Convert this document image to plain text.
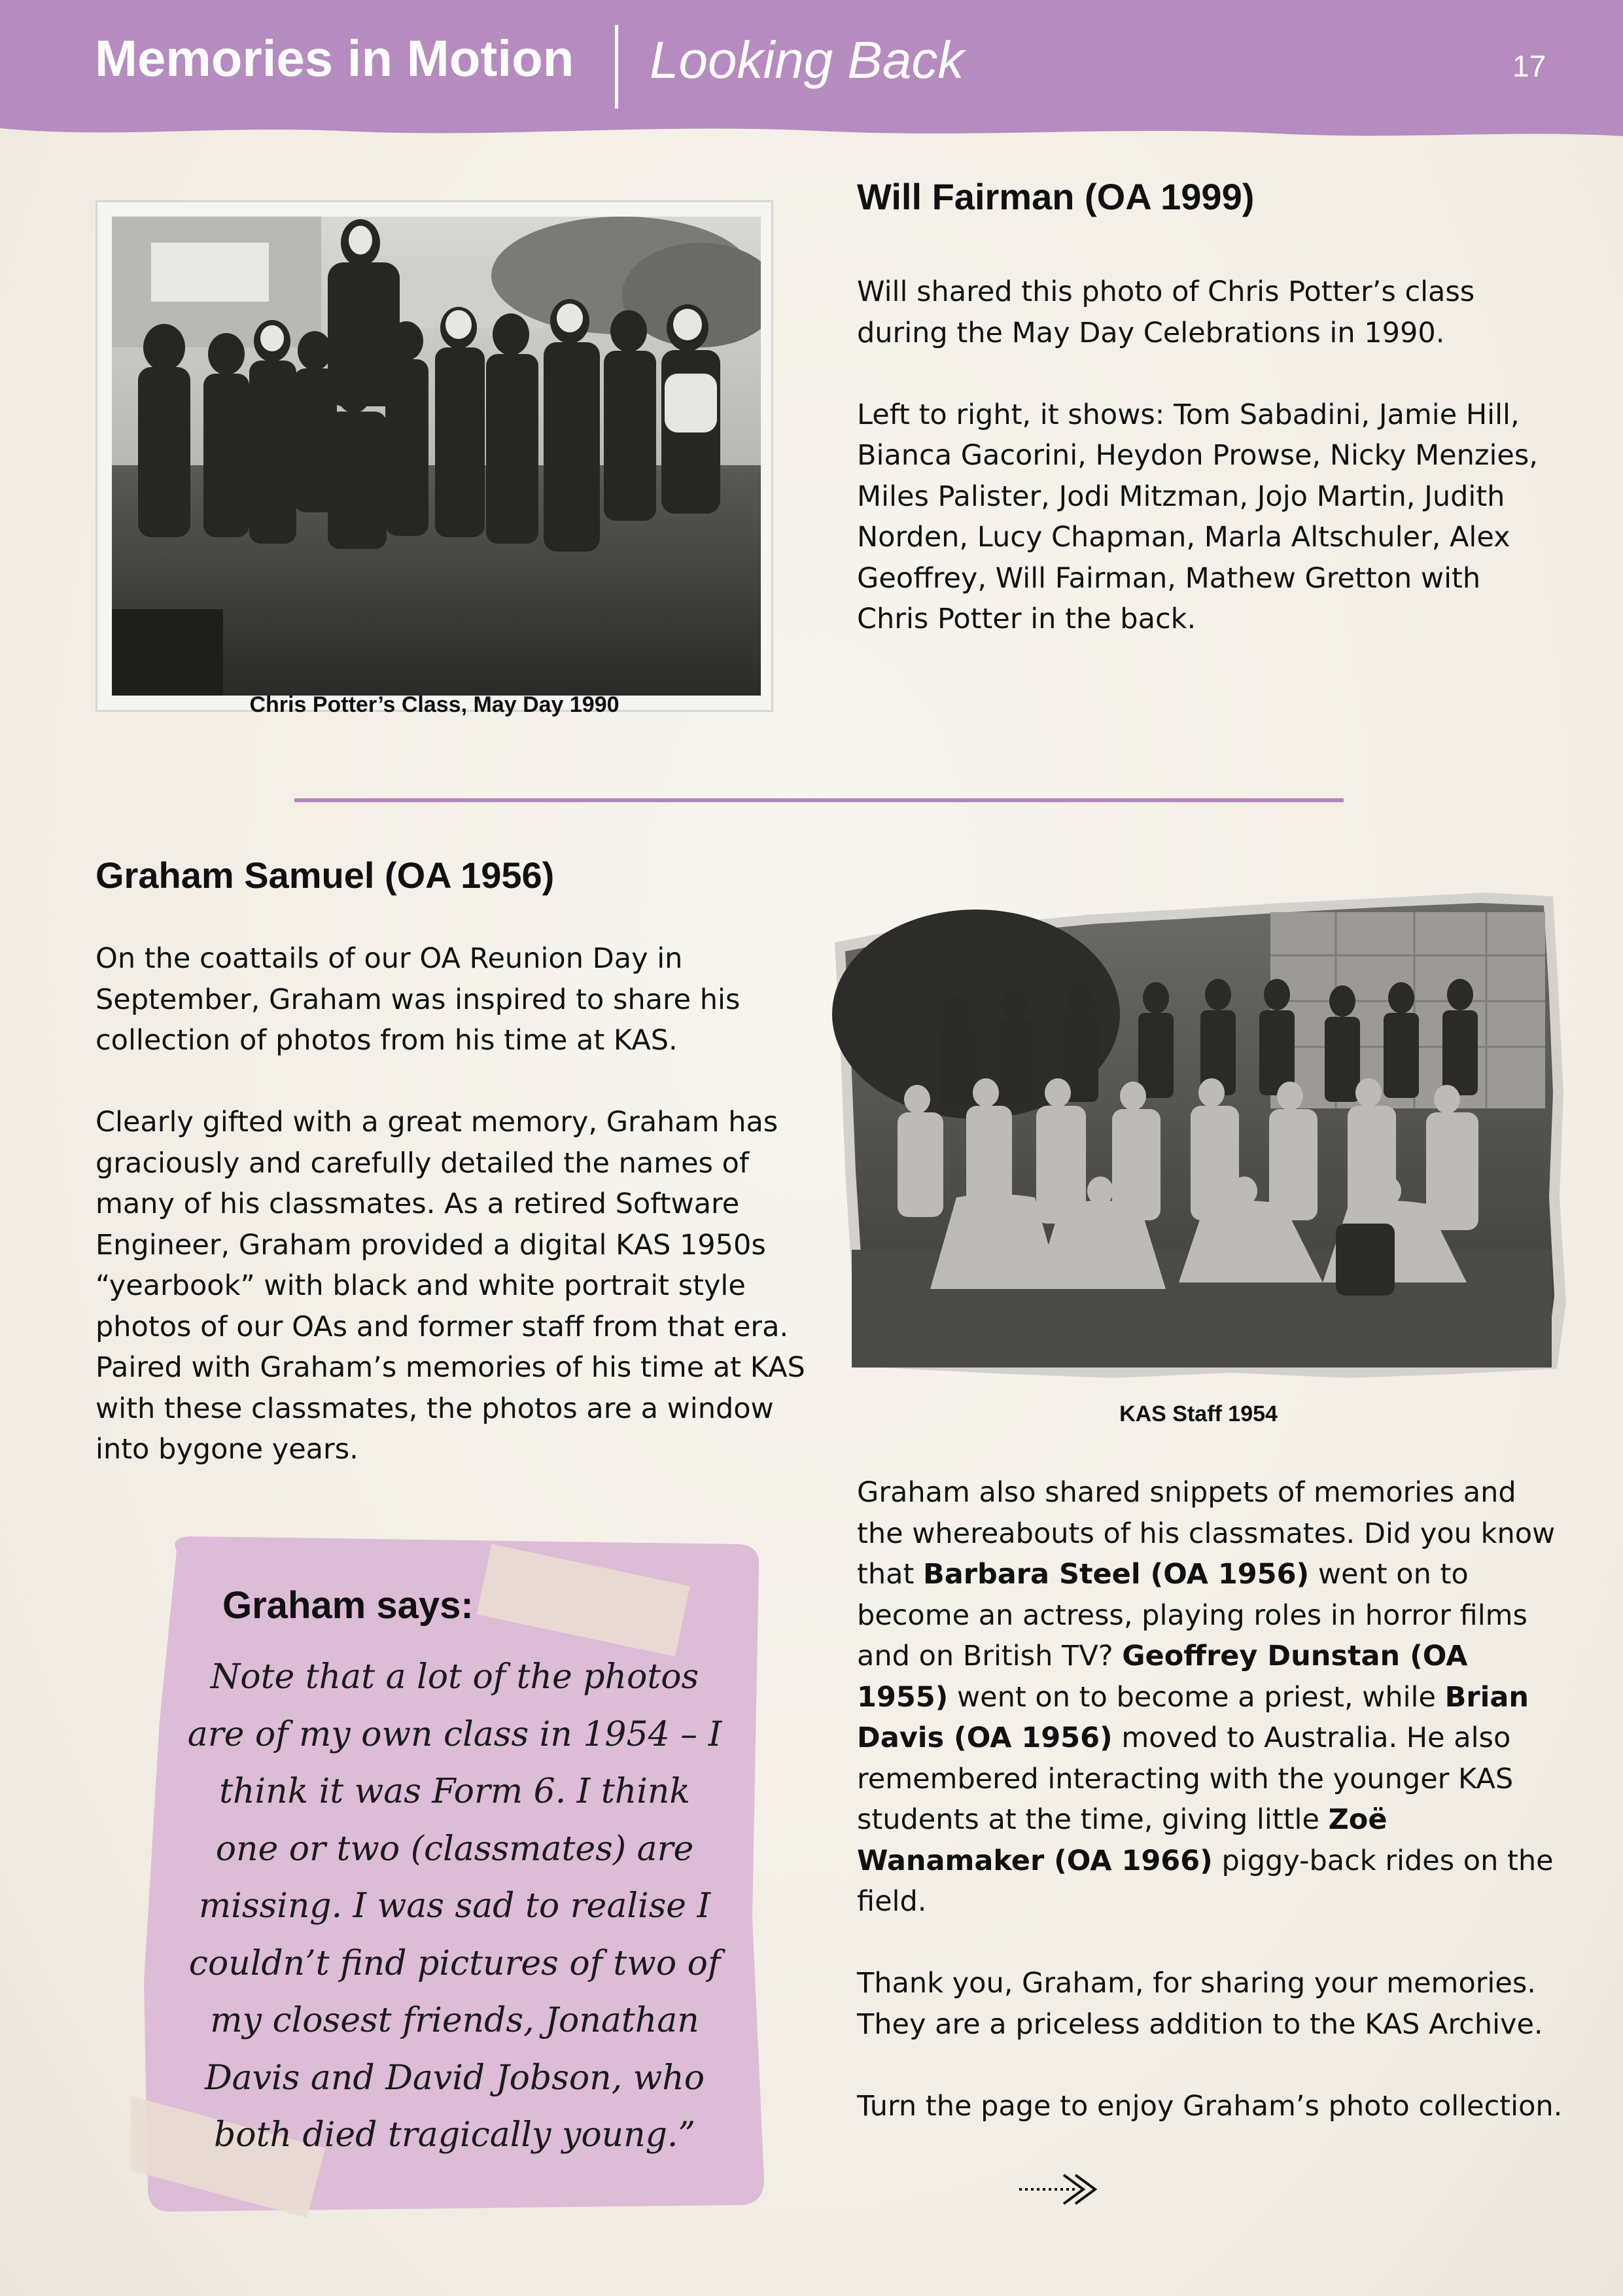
Memories in Motion Looking Back	17
Chris Potter’s Class, May Day 1990
Will Fairman (OA 1999)

Will shared this photo of Chris Potter’s class during the May Day Celebrations in 1990.

Left to right, it shows: Tom Sabadini, Jamie Hill, Bianca Gacorini, Heydon Prowse, Nicky Menzies, Miles Palister, Jodi Mitzman, Jojo Martin, Judith Norden, Lucy Chapman, Marla Altschuler, Alex Geoffrey, Will Fairman, Mathew Gretton with Chris Potter in the back.

Graham Samuel (OA 1956)

On the coattails of our OA Reunion Day in September, Graham was inspired to share his collection of photos from his time at KAS.

Clearly gifted with a great memory, Graham has graciously and carefully detailed the names of many of his classmates. As a retired Software Engineer, Graham provided a digital KAS 1950s “yearbook” with black and white portrait style photos of our OAs and former staff from that era. Paired with Graham’s memories of his time at KAS with these classmates, the photos are a window into bygone years.

KAS Staff 1954

Graham also shared snippets of memories and the whereabouts of his classmates. Did you know that Barbara Steel (OA 1956) went on to become an actress, playing roles in horror films and on British TV? Geoffrey Dunstan (OA 1955) went on to become a priest, while Brian Davis (OA 1956) moved to Australia. He also remembered interacting with the younger KAS students at the time, giving little Zoë Wanamaker (OA 1966) piggy-back rides on the field.

Thank you, Graham, for sharing your memories. They are a priceless addition to the KAS Archive.

Turn the page to enjoy Graham’s photo collection.

Graham says:
Note that a lot of the photos are of my own class in 1954 – I think it was Form 6. I think one or two (classmates) are missing. I was sad to realise I couldn’t find pictures of two of my closest friends, Jonathan Davis and David Jobson, who both died tragically young.”
